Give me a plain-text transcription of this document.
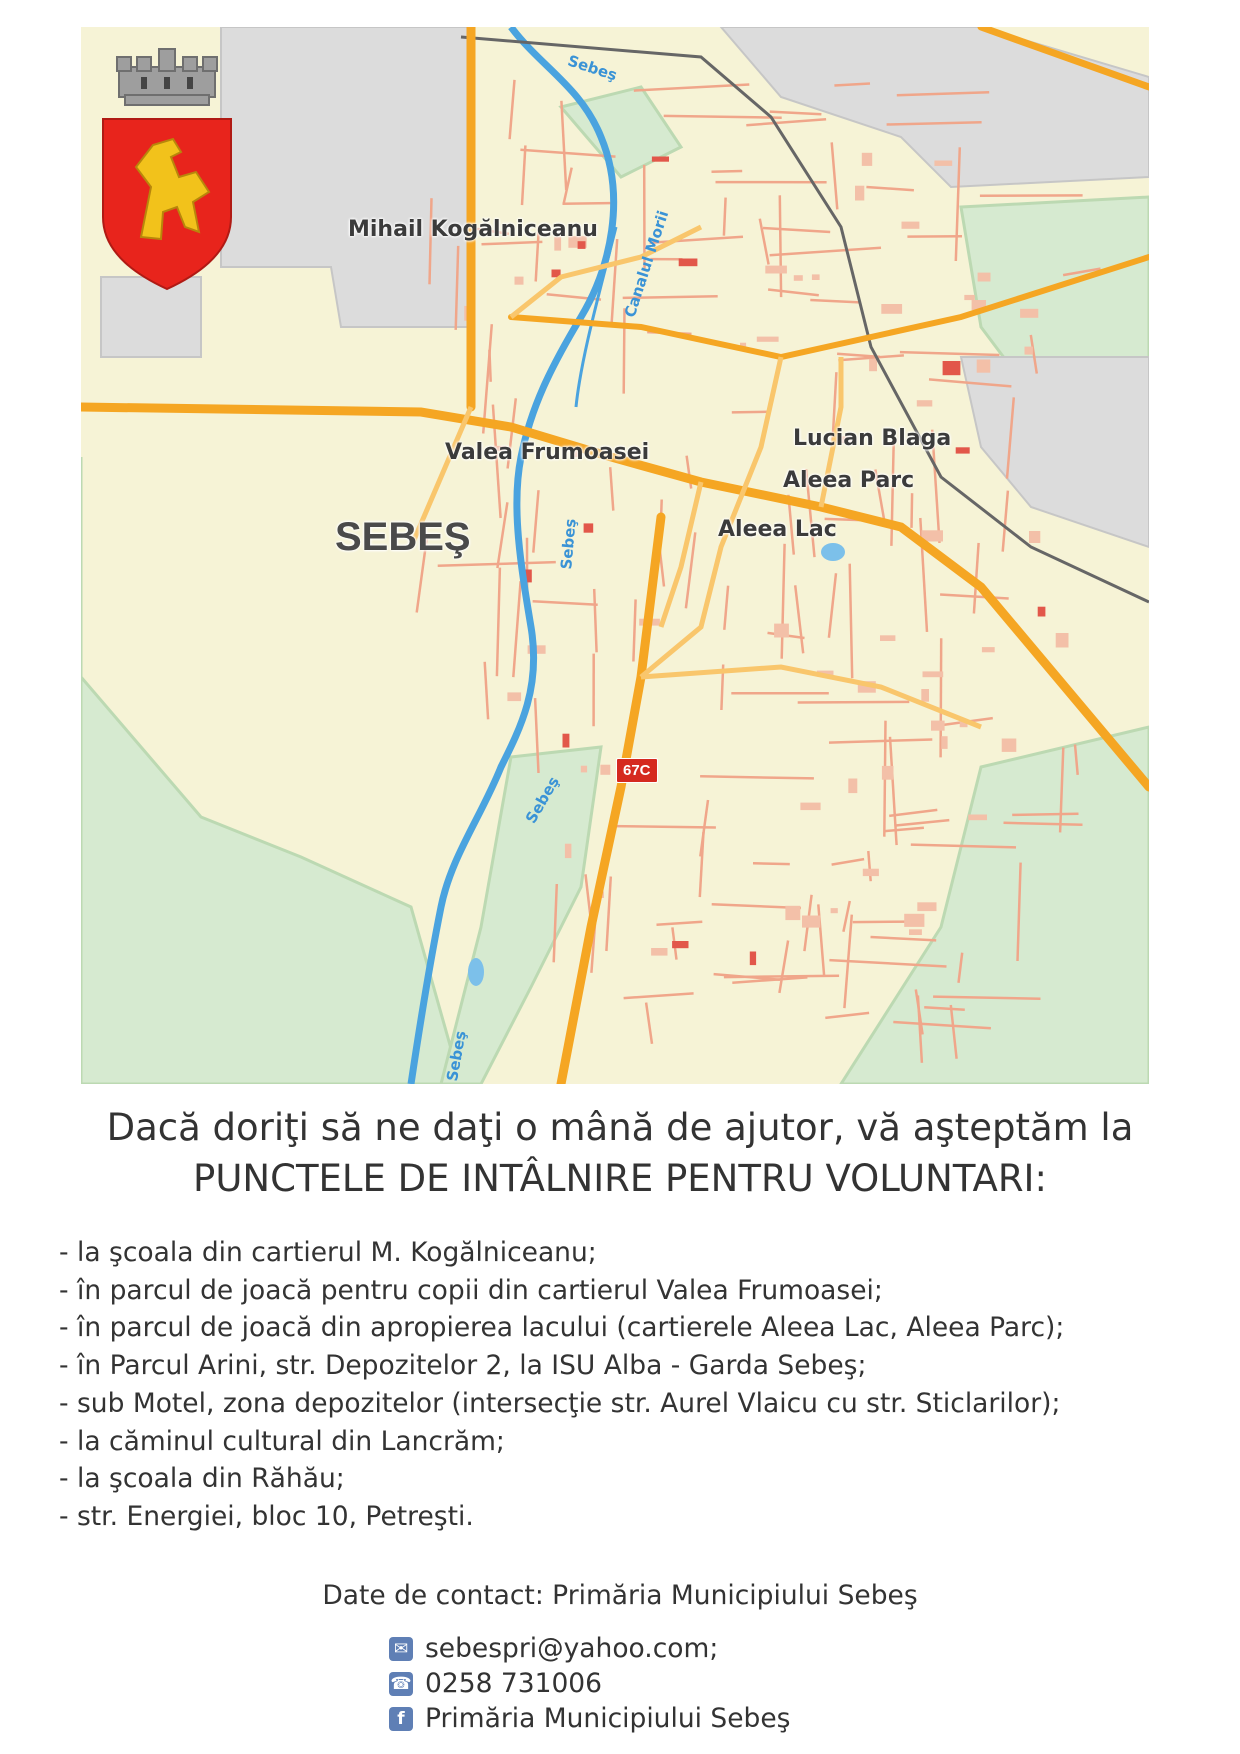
Mihail Kogălniceanu
Valea Frumoasei
Lucian Blaga
Aleea Parc
Aleea Lac
SEBEŞ
Sebeş
Canalul Morii
Sebeş
Sebeş
Sebeş
67C
Dacă doriţi să ne daţi o mână de ajutor, vă aşteptăm la
PUNCTELE DE INTÂLNIRE PENTRU VOLUNTARI:
- la şcoala din cartierul M. Kogălniceanu;
- în parcul de joacă pentru copii din cartierul Valea Frumoasei;
- în parcul de joacă din apropierea lacului (cartierele Aleea Lac, Aleea Parc);
- în Parcul Arini, str. Depozitelor 2, la ISU Alba - Garda Sebeş;
- sub Motel, zona depozitelor (intersecţie str. Aurel Vlaicu cu str. Sticlarilor);
- la căminul cultural din Lancrăm;
- la şcoala din Răhău;
- str. Energiei, bloc 10, Petreşti.
Date de contact: Primăria Municipiului Sebeş
✉ sebespri@yahoo.com;
☎ 0258 731006
f Primăria Municipiului Sebeş
